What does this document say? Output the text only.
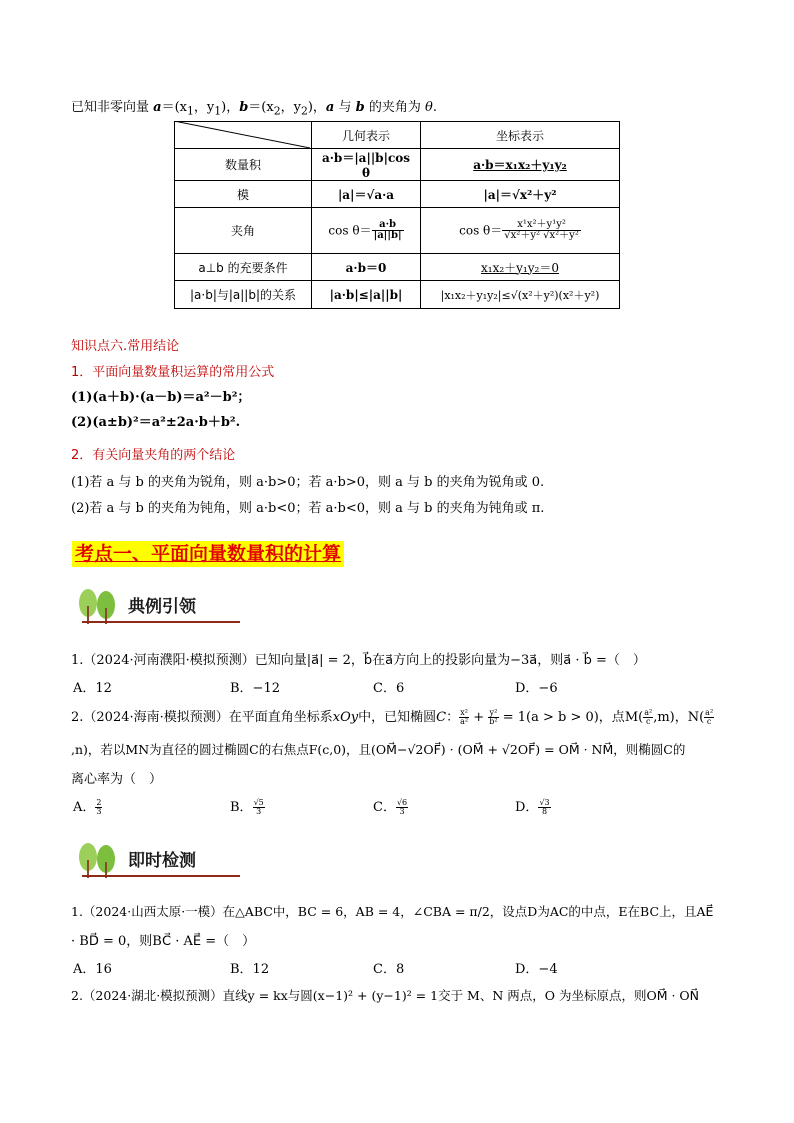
已知非零向量 $a=(x_1$，$y_1$)，$b=(x_2$，$y_2$)，a 与 b 的夹角为 θ.
	几何表示	坐标表示
数量积	a·b＝|a||b|cos θ	a·b＝x₁x₂＋y₁y₂
模	|a|＝√a·a	|a|＝√x²＋y²
夹角	$\cos \theta= \frac{a\cdot b}{|a||b|}$	$\cos \theta= \frac{\text{x¹x²＋y¹y²}}{\text{√x²＋y² √x²＋y²}}$

a⊥b 的充要条件	a·b＝0	x₁x₂＋y₁y₂＝0
|a·b|与|a||b|的关系	|a·b|≤|a||b|	|x₁x₂＋y₁y₂|≤√(x²＋y²)(x²＋y²)
知识点六.常用结论
1．平面向量数量积运算的常用公式
(1)(a＋b)·(a－b)＝a²－b²；
(2)(a±b)²＝a²±2a·b＋b².
2．有关向量夹角的两个结论
(1)若 a 与 b 的夹角为锐角，则 a·b>0；若 a·b>0，则 a 与 b 的夹角为锐角或 0.
(2)若 a 与 b 的夹角为钝角，则 a·b<0；若 a·b<0，则 a 与 b 的夹角为钝角或 π.
考点一、平面向量数量积的计算
典例引领
1.（2024·河南濮阳·模拟预测）已知向量|a⃗| = 2，b⃗在a⃗方向上的投影向量为−3a⃗，则a⃗ · b⃗ =（　）
A．12	B．−12	C．6	D．−6
2.（2024·海南·模拟预测）在平面直角坐标系xOy中，已知椭圆C： $\frac{\text{x²}}{\text{a²}} + \frac{\text{y²}}{\text{b²}} = 1(a > b > 0)$，点$M( \frac{\text{a²}}{c} ,m)$，$N( \frac{\text{a²}}{c}$
,n)，若以MN为直径的圆过椭圆C的右焦点F(c,0)，且(OM⃗−√2OF⃗) · (OM⃗ + √2OF⃗) = OM⃗ · NM⃗，则椭圆C的
离心率为（　）
A． $\frac{2}{3}$	B． $\frac{√5}{3}$	C． $\frac{√6}{3}$	D． $\frac{√3}{8}$
即时检测
1.（2024·山西太原·一模）在△ABC中，BC = 6，AB = 4，∠CBA = π/2，设点D为AC的中点，E在BC上，且AE⃗
· BD⃗ = 0，则BC⃗ · AE⃗ =（　）
A．16	B．12	C．8	D．−4
2.（2024·湖北·模拟预测）直线y = kx与圆(x−1)² + (y−1)² = 1交于 M、N 两点，O 为坐标原点，则OM⃗ · ON⃗
